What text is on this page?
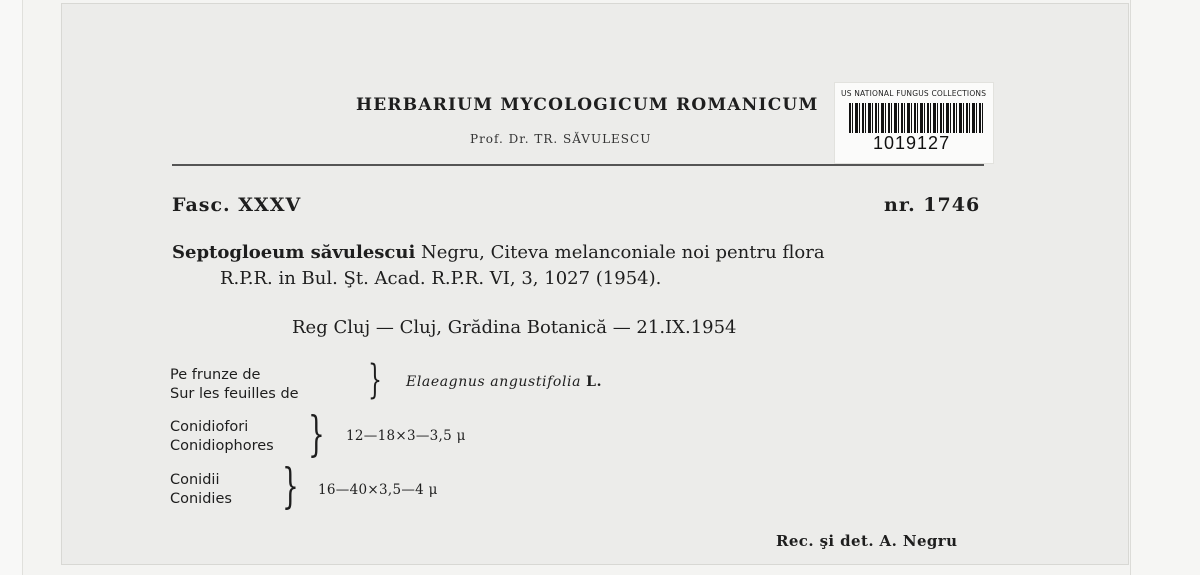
HERBARIUM MYCOLOGICUM ROMANICUM
Prof. Dr. TR. SĂVULESCU
US NATIONAL FUNGUS COLLECTIONS
1019127
Fasc. XXXV	nr. 1746
Septogloeum săvulescui Negru, Citeva melanconiale noi pentru flora
R.P.R. in Bul. Şt. Acad. R.P.R. VI, 3, 1027 (1954).
Reg Cluj — Cluj, Grădina Botanică — 21.IX.1954
Pe frunze de
Sur les feuilles de } Elaeagnus angustifolia L.
Conidiofori
Conidiophores } 12—18×3—3,5 μ
Conidii
Conidies } 16—40×3,5—4 μ
Rec. şi det. A. Negru
